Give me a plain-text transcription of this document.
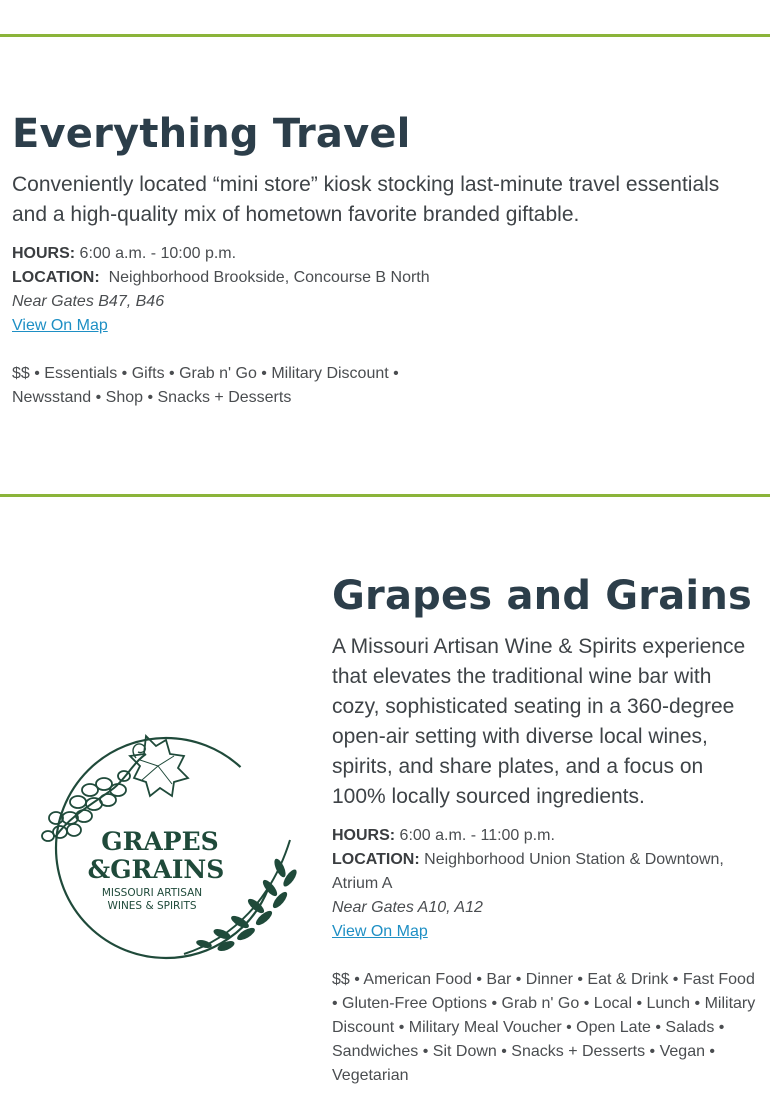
Everything Travel

Conveniently located “mini store” kiosk stocking last-minute travel essentials and a high-quality mix of hometown favorite branded giftable.

HOURS: 6:00 a.m. - 10:00 p.m.
LOCATION:  Neighborhood Brookside, Concourse B North
Near Gates B47, B46
View On Map
$$ • Essentials • Gifts • Grab n' Go • Military Discount •
Newsstand • Shop • Snacks + Desserts
GRAPES
&GRAINS
MISSOURI ARTISAN
WINES & SPIRITS
Grapes and Grains

A Missouri Artisan Wine & Spirits experience that elevates the traditional wine bar with cozy, sophisticated seating in a 360-degree open-air setting with diverse local wines, spirits, and share plates, and a focus on 100% locally sourced ingredients.

HOURS: 6:00 a.m. - 11:00 p.m.
LOCATION: Neighborhood Union Station & Downtown, Atrium A
Near Gates A10, A12
View On Map
$$ • American Food • Bar • Dinner • Eat & Drink • Fast Food • Gluten-Free Options • Grab n' Go • Local • Lunch • Military Discount • Military Meal Voucher • Open Late • Salads • Sandwiches • Sit Down • Snacks + Desserts • Vegan • Vegetarian
